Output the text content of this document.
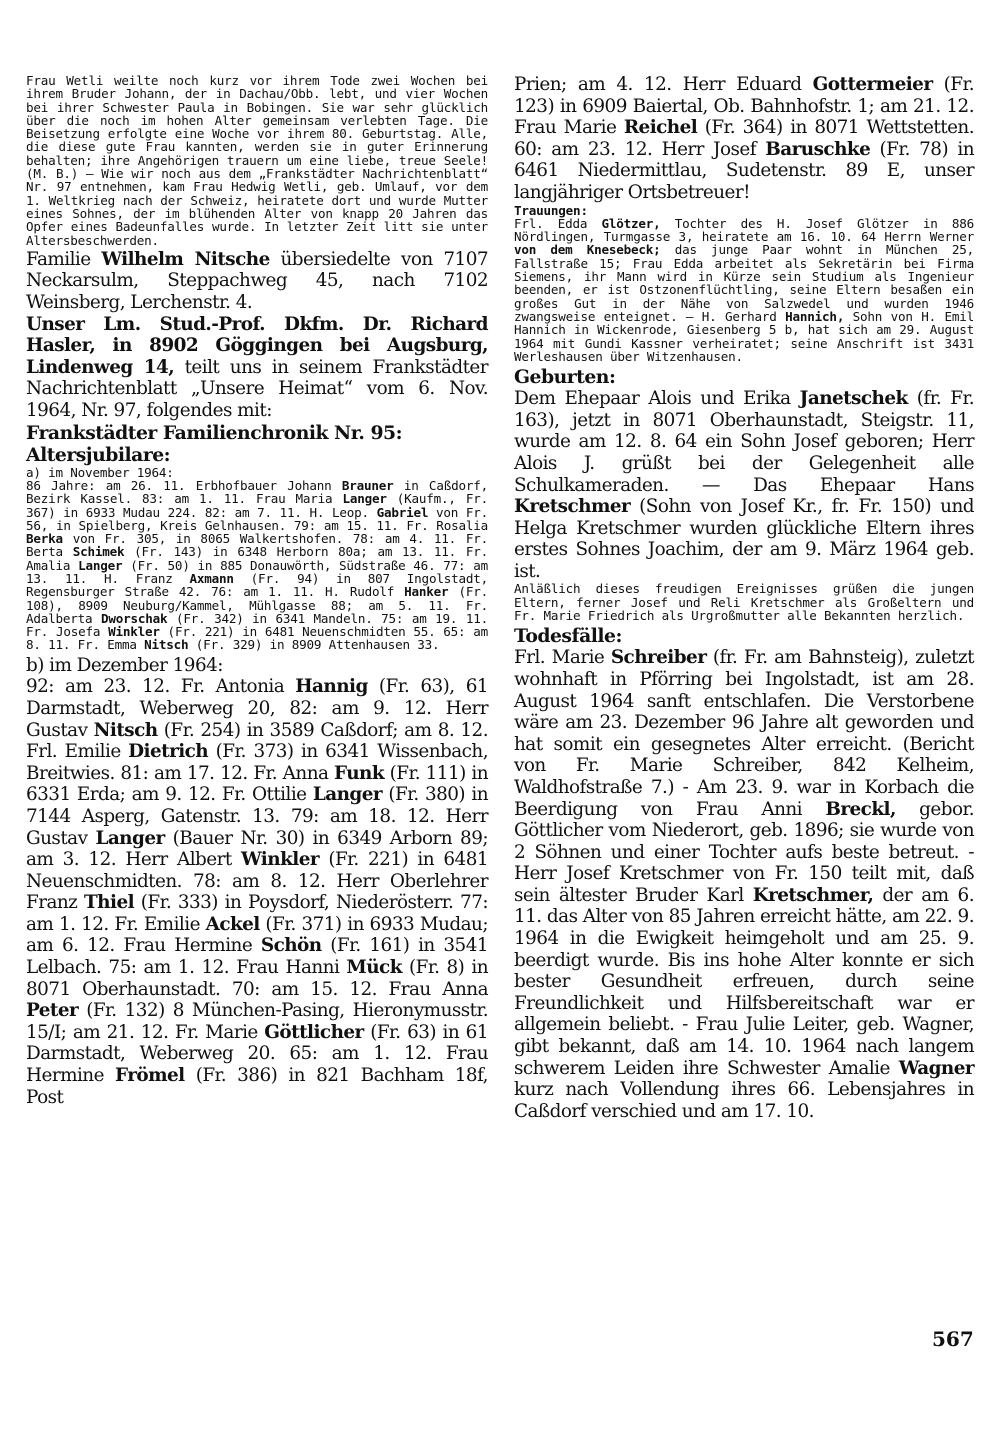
Frau Wetli weilte noch kurz vor ihrem Tode zwei Wochen bei ihrem Bruder Johann, der in Dachau/Obb. lebt, und vier Wochen bei ihrer Schwester Paula in Bobingen. Sie war sehr glücklich über die noch im hohen Alter gemeinsam verlebten Tage. Die Beisetzung erfolgte eine Woche vor ihrem 80. Geburtstag. Alle, die diese gute Frau kannten, werden sie in guter Erinnerung behalten; ihre Angehörigen trauern um eine liebe, treue Seele! (M. B.) — Wie wir noch aus dem „Frankstädter Nachrichtenblatt“ Nr. 97 entnehmen, kam Frau Hedwig Wetli, geb. Umlauf, vor dem 1. Weltkrieg nach der Schweiz, heiratete dort und wurde Mutter eines Sohnes, der im blühenden Alter von knapp 20 Jahren das Opfer eines Badeunfalles wurde. In letzter Zeit litt sie unter Altersbeschwerden.

Familie Wilhelm Nitsche übersiedelte von 7107 Neckarsulm, Steppachweg 45, nach 7102 Weinsberg, Lerchenstr. 4.

Unser Lm. Stud.-Prof. Dkfm. Dr. Richard Hasler, in 8902 Göggingen bei Augsburg, Lindenweg 14, teilt uns in seinem Frankstädter Nachrichtenblatt „Unsere Heimat“ vom 6. Nov. 1964, Nr. 97, folgendes mit:

Frankstädter Familienchronik Nr. 95:
Altersjubilare:

a) im November 1964:

86 Jahre: am 26. 11. Erbhofbauer Johann Brauner in Caßdorf, Bezirk Kassel. 83: am 1. 11. Frau Maria Langer (Kaufm., Fr. 367) in 6933 Mudau 224. 82: am 7. 11. H. Leop. Gabriel von Fr. 56, in Spielberg, Kreis Gelnhausen. 79: am 15. 11. Fr. Rosalia Berka von Fr. 305, in 8065 Walkertshofen. 78: am 4. 11. Fr. Berta Schimek (Fr. 143) in 6348 Herborn 80a; am 13. 11. Fr. Amalia Langer (Fr. 50) in 885 Donauwörth, Südstraße 46. 77: am 13. 11. H. Franz Axmann (Fr. 94) in 807 Ingolstadt, Regensburger Straße 42. 76: am 1. 11. H. Rudolf Hanker (Fr. 108), 8909 Neuburg/Kammel, Mühlgasse 88; am 5. 11. Fr. Adalberta Dworschak (Fr. 342) in 6341 Mandeln. 75: am 19. 11. Fr. Josefa Winkler (Fr. 221) in 6481 Neuenschmidten 55. 65: am 8. 11. Fr. Emma Nitsch (Fr. 329) in 8909 Attenhausen 33.

b) im Dezember 1964:

92: am 23. 12. Fr. Antonia Hannig (Fr. 63), 61 Darmstadt, Weberweg 20, 82: am 9. 12. Herr Gustav Nitsch (Fr. 254) in 3589 Caßdorf; am 8. 12. Frl. Emilie Dietrich (Fr. 373) in 6341 Wissenbach, Breitwies. 81: am 17. 12. Fr. Anna Funk (Fr. 111) in 6331 Erda; am 9. 12. Fr. Ottilie Langer (Fr. 380) in 7144 Asperg, Gatenstr. 13. 79: am 18. 12. Herr Gustav Langer (Bauer Nr. 30) in 6349 Arborn 89; am 3. 12. Herr Albert Winkler (Fr. 221) in 6481 Neuenschmidten. 78: am 8. 12. Herr Oberlehrer Franz Thiel (Fr. 333) in Poysdorf, Niederösterr. 77: am 1. 12. Fr. Emilie Ackel (Fr. 371) in 6933 Mudau; am 6. 12. Frau Hermine Schön (Fr. 161) in 3541 Lelbach. 75: am 1. 12. Frau Hanni Mück (Fr. 8) in 8071 Oberhaunstadt. 70: am 15. 12. Frau Anna Peter (Fr. 132) 8 München-Pasing, Hieronymusstr. 15/I; am 21. 12. Fr. Marie Göttlicher (Fr. 63) in 61 Darmstadt, Weberweg 20. 65: am 1. 12. Frau Hermine Frömel (Fr. 386) in 821 Bachham 18f, Post

Prien; am 4. 12. Herr Eduard Gottermeier (Fr. 123) in 6909 Baiertal, Ob. Bahnhofstr. 1; am 21. 12. Frau Marie Reichel (Fr. 364) in 8071 Wettstetten. 60: am 23. 12. Herr Josef Baruschke (Fr. 78) in 6461 Niedermittlau, Sudetenstr. 89 E, unser langjähriger Ortsbetreuer!

Trauungen:

Frl. Edda Glötzer, Tochter des H. Josef Glötzer in 886 Nördlingen, Turmgasse 3, heiratete am 16. 10. 64 Herrn Werner von dem Knesebeck; das junge Paar wohnt in München 25, Fallstraße 15; Frau Edda arbeitet als Sekretärin bei Firma Siemens, ihr Mann wird in Kürze sein Studium als Ingenieur beenden, er ist Ostzonenflüchtling, seine Eltern besaßen ein großes Gut in der Nähe von Salzwedel und wurden 1946 zwangsweise enteignet. — H. Gerhard Hannich, Sohn von H. Emil Hannich in Wickenrode, Giesenberg 5 b, hat sich am 29. August 1964 mit Gundi Kassner verheiratet; seine Anschrift ist 3431 Werleshausen über Witzenhausen.

Geburten:

Dem Ehepaar Alois und Erika Janetschek (fr. Fr. 163), jetzt in 8071 Oberhaunstadt, Steigstr. 11, wurde am 12. 8. 64 ein Sohn Josef geboren; Herr Alois J. grüßt bei der Gelegenheit alle Schulkameraden. — Das Ehepaar Hans Kretschmer (Sohn von Josef Kr., fr. Fr. 150) und Helga Kretschmer wurden glückliche Eltern ihres erstes Sohnes Joachim, der am 9. März 1964 geb. ist.

Anläßlich dieses freudigen Ereignisses grüßen die jungen Eltern, ferner Josef und Reli Kretschmer als Großeltern und Fr. Marie Friedrich als Urgroßmutter alle Bekannten herzlich.

Todesfälle:

Frl. Marie Schreiber (fr. Fr. am Bahnsteig), zuletzt wohnhaft in Pförring bei Ingolstadt, ist am 28. August 1964 sanft entschlafen. Die Verstorbene wäre am 23. Dezember 96 Jahre alt geworden und hat somit ein gesegnetes Alter erreicht. (Bericht von Fr. Marie Schreiber, 842 Kelheim, Waldhofstraße 7.) - Am 23. 9. war in Korbach die Beerdigung von Frau Anni Breckl, gebor. Göttlicher vom Niederort, geb. 1896; sie wurde von 2 Söhnen und einer Tochter aufs beste betreut. - Herr Josef Kretschmer von Fr. 150 teilt mit, daß sein ältester Bruder Karl Kretschmer, der am 6. 11. das Alter von 85 Jahren erreicht hätte, am 22. 9. 1964 in die Ewigkeit heimgeholt und am 25. 9. beerdigt wurde. Bis ins hohe Alter konnte er sich bester Gesundheit erfreuen, durch seine Freundlichkeit und Hilfsbereitschaft war er allgemein beliebt. - Frau Julie Leiter, geb. Wagner, gibt bekannt, daß am 14. 10. 1964 nach langem schwerem Leiden ihre Schwester Amalie Wagner kurz nach Vollendung ihres 66. Lebensjahres in Caßdorf verschied und am 17. 10.

567
